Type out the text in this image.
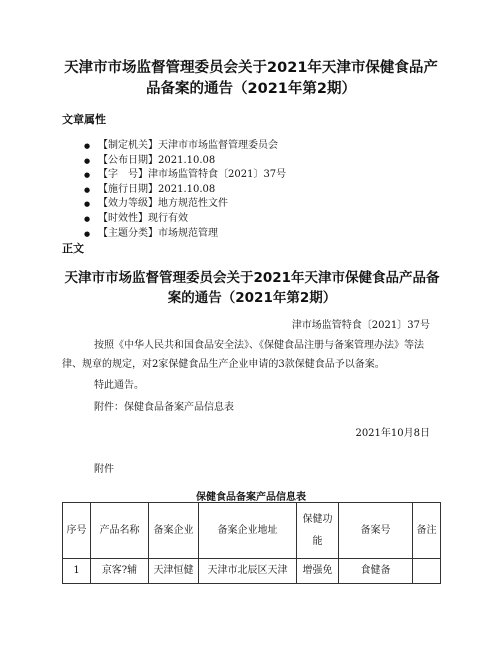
天津市市场监督管理委员会关于2021年天津市保健食品产品备案的通告（2021年第2期）
文章属性
● 【制定机关】天津市市场监督管理委员会
● 【公布日期】2021.10.08
● 【字　号】津市场监管特食〔2021〕37号
● 【施行日期】2021.10.08
● 【效力等级】地方规范性文件
● 【时效性】现行有效
● 【主题分类】市场规范管理
正文
天津市市场监督管理委员会关于2021年天津市保健食品产品备案的通告（2021年第2期）

津市场监管特食〔2021〕37号

按照《中华人民共和国食品安全法》、《保健食品注册与备案管理办法》等法律、规章的规定，对2家保健食品生产企业申请的3款保健食品予以备案。

特此通告。

附件：保健食品备案产品信息表

2021年10月8日

附件

保健食品备案产品信息表
序号	产品名称	备案企业	备案企业地址	保健功能	备案号	备注
1	京客?辅	天津恒健	天津市北辰区天津	增强免	食健备	
